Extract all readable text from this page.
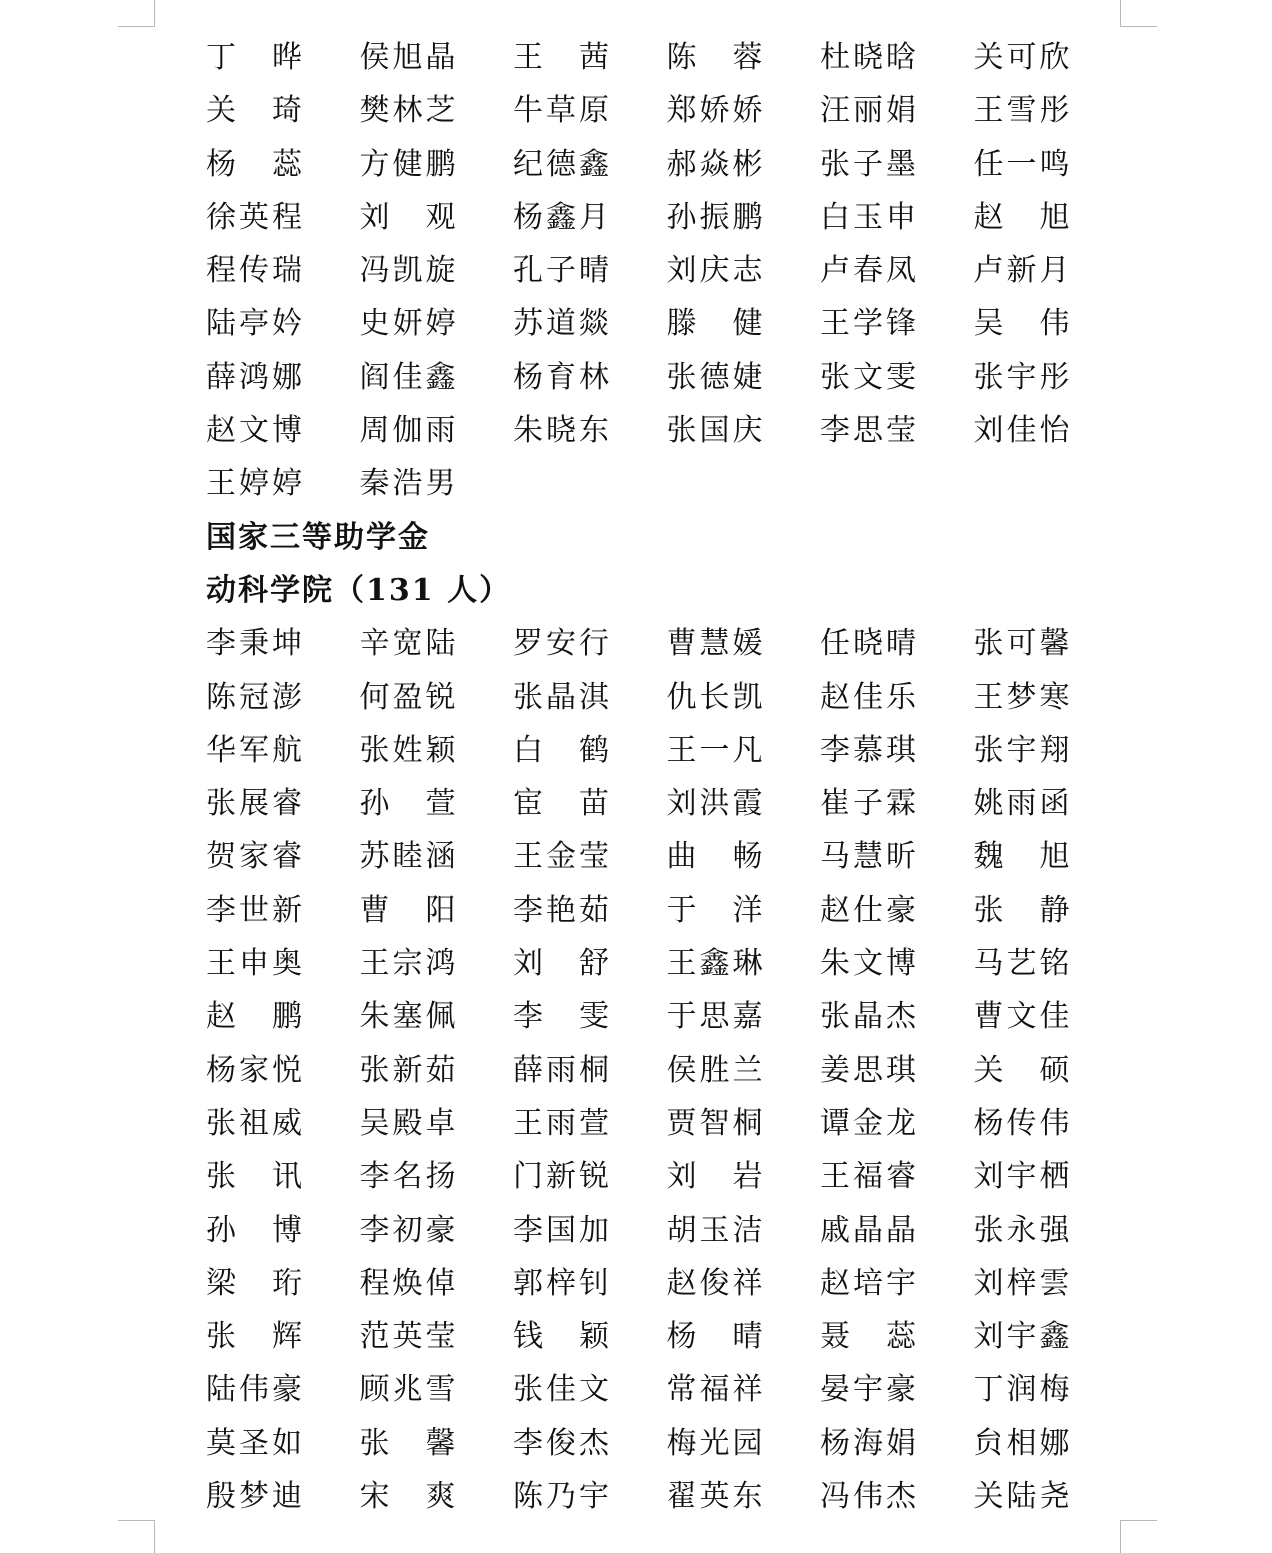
丁 晔	侯旭晶	王 茜	陈 蓉	杜晓晗	关可欣
关 琦	樊林芝	牛草原	郑娇娇	汪丽娟	王雪彤
杨 蕊	方健鹏	纪德鑫	郝焱彬	张子墨	任一鸣
徐英程	刘 观	杨鑫月	孙振鹏	白玉申	赵 旭
程传瑞	冯凯旋	孔子晴	刘庆志	卢春凤	卢新月
陆亭妗	史妍婷	苏道燚	滕 健	王学锋	吴 伟
薛鸿娜	阎佳鑫	杨育林	张德婕	张文雯	张宇彤
赵文博	周伽雨	朱晓东	张国庆	李思莹	刘佳怡
王婷婷	秦浩男
国家三等助学金
动科学院（131 人）
李秉坤	辛宽陆	罗安行	曹慧媛	任晓晴	张可馨
陈冠澎	何盈锐	张晶淇	仇长凯	赵佳乐	王梦寒
华军航	张姓颖	白 鹤	王一凡	李慕琪	张宇翔
张展睿	孙 萱	宦 苗	刘洪霞	崔子霖	姚雨函
贺家睿	苏睦涵	王金莹	曲 畅	马慧昕	魏 旭
李世新	曹 阳	李艳茹	于 洋	赵仕豪	张 静
王申奥	王宗鸿	刘 舒	王鑫琳	朱文博	马艺铭
赵 鹏	朱塞佩	李 雯	于思嘉	张晶杰	曹文佳
杨家悦	张新茹	薛雨桐	侯胜兰	姜思琪	关 硕
张祖威	吴殿卓	王雨萱	贾智桐	谭金龙	杨传伟
张 讯	李名扬	门新锐	刘 岩	王福睿	刘宇栖
孙 博	李初豪	李国加	胡玉洁	戚晶晶	张永强
梁 珩	程焕倬	郭梓钊	赵俊祥	赵培宇	刘梓雲
张 辉	范英莹	钱 颖	杨 晴	聂 蕊	刘宇鑫
陆伟豪	顾兆雪	张佳文	常福祥	晏宇豪	丁润梅
莫圣如	张 馨	李俊杰	梅光园	杨海娟	贠相娜
殷梦迪	宋 爽	陈乃宇	翟英东	冯伟杰	关陆尧
